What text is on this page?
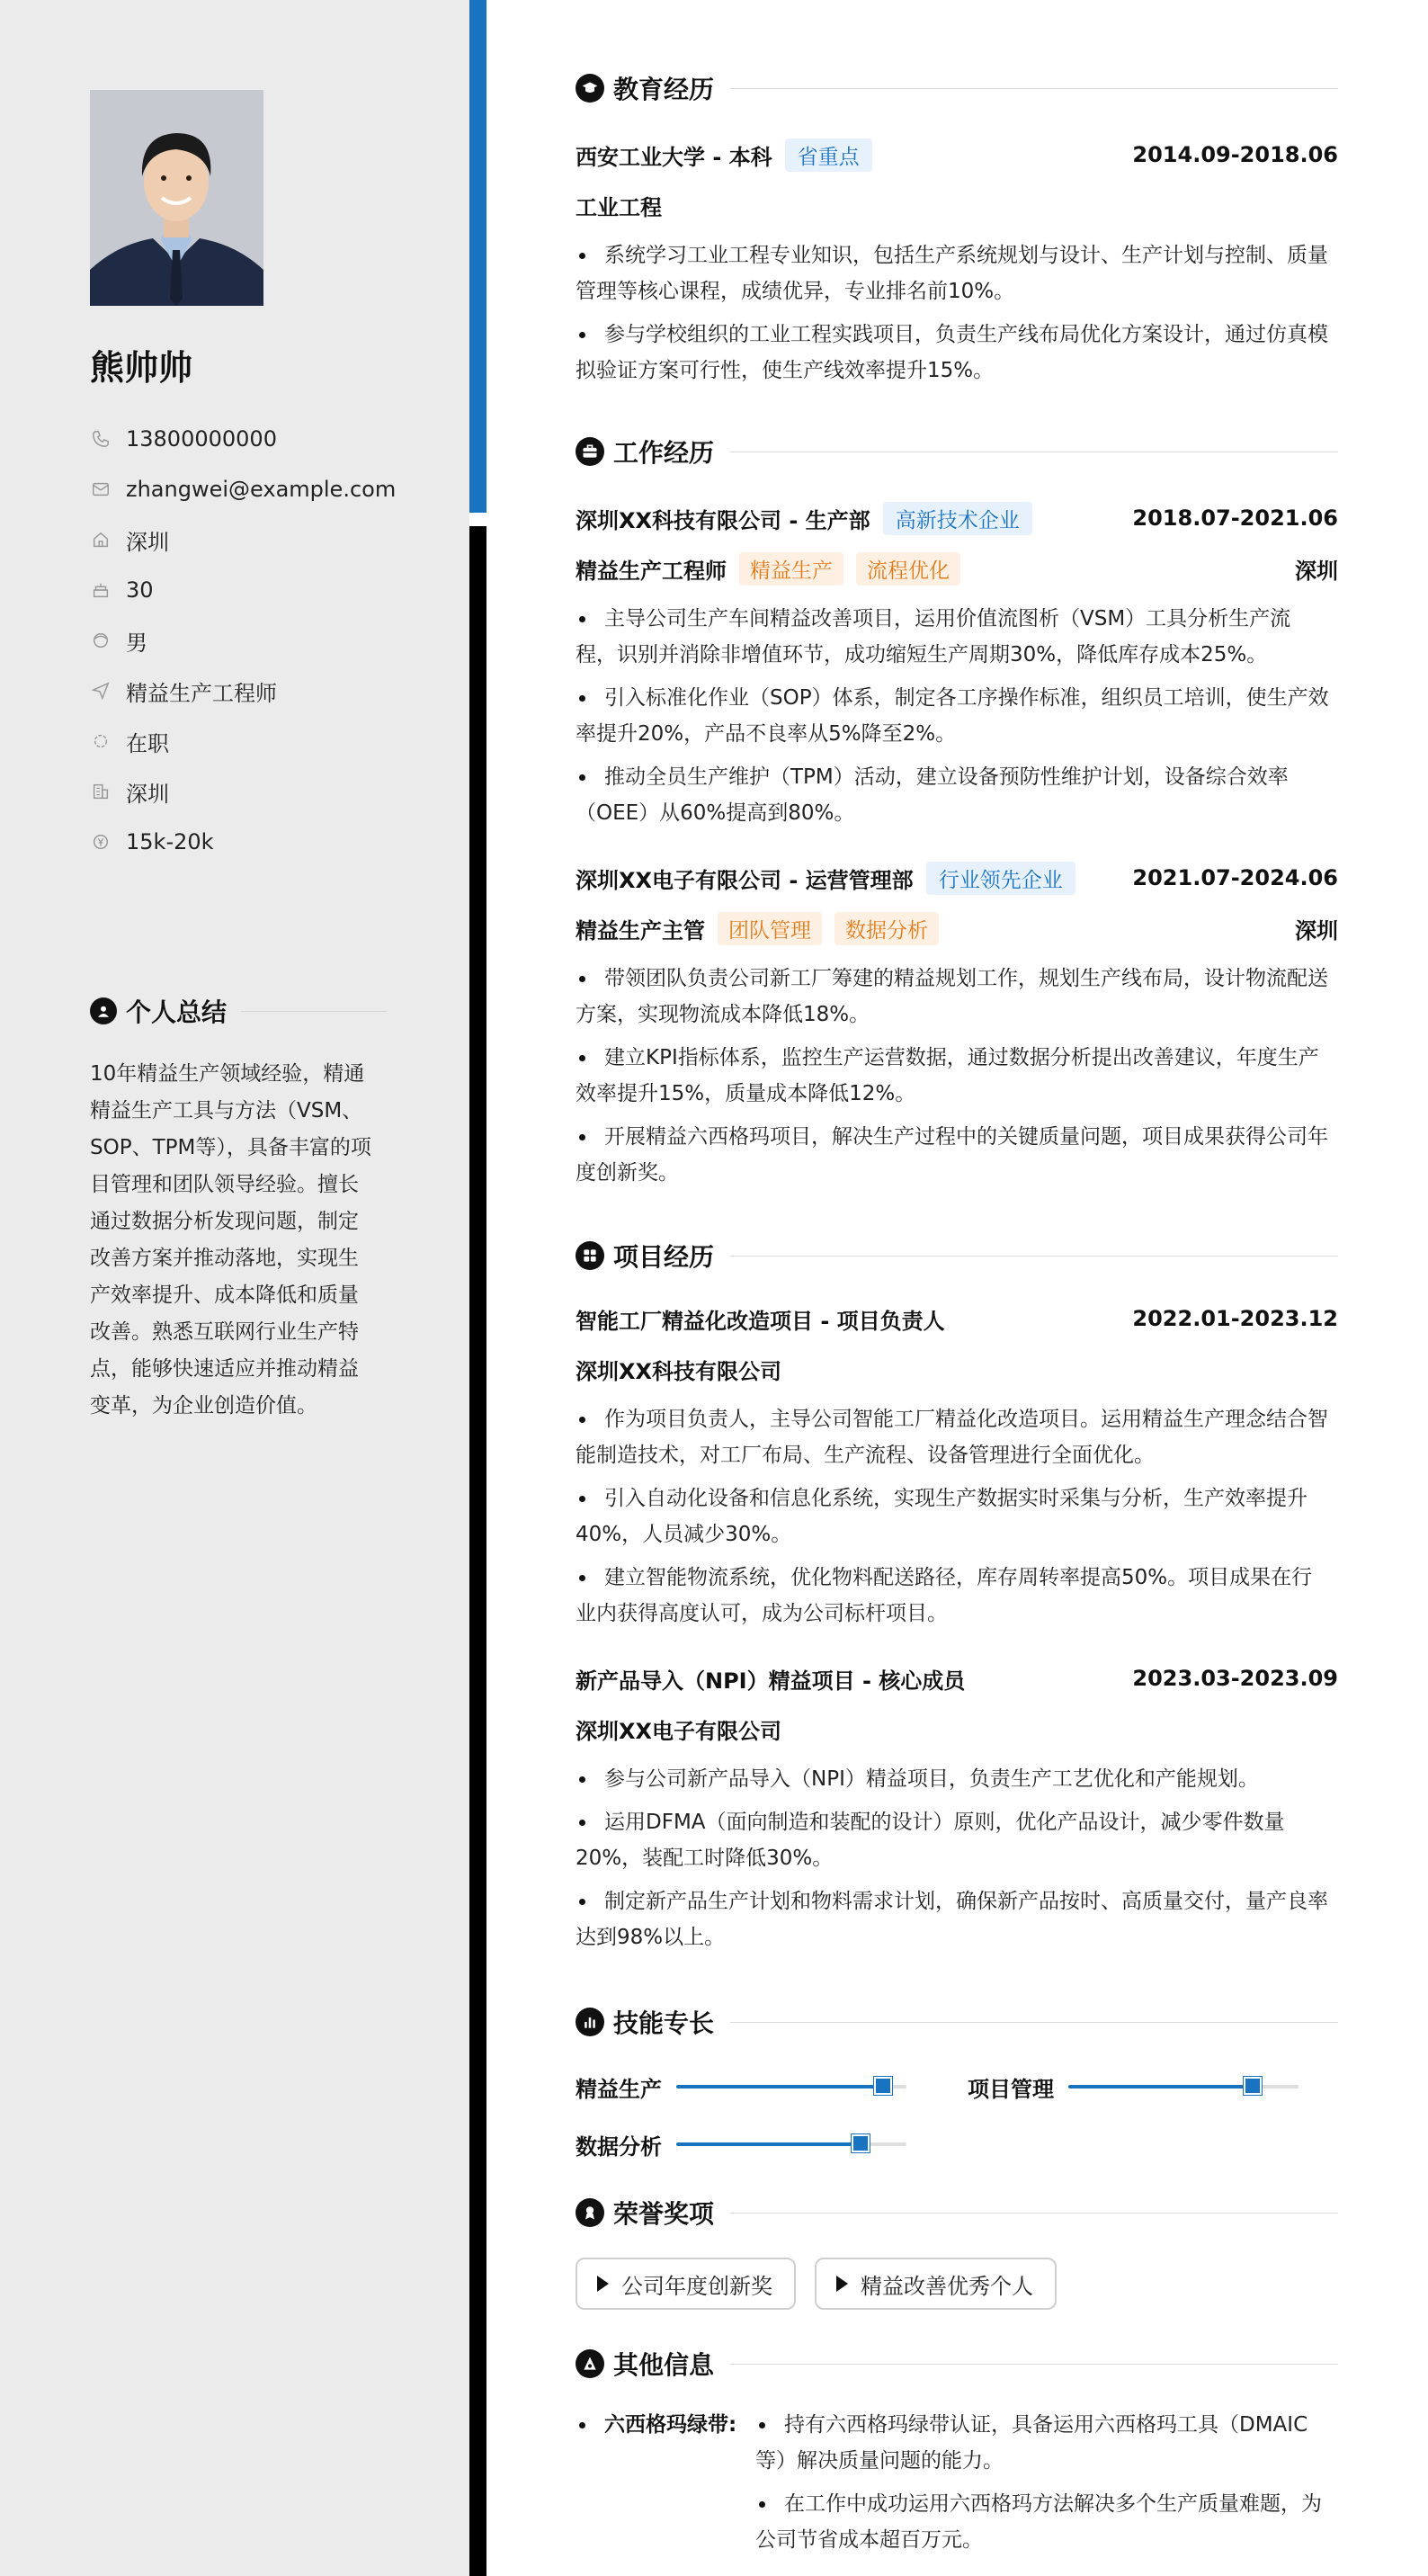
熊帅帅
13800000000
zhangwei@example.com
深圳
30
男
精益生产工程师
在职
深圳
15k-20k
个人总结
10年精益生产领域经验，精通精益生产工具与方法（VSM、SOP、TPM等），具备丰富的项目管理和团队领导经验。擅长通过数据分析发现问题，制定改善方案并推动落地，实现生产效率提升、成本降低和质量改善。熟悉互联网行业生产特点，能够快速适应并推动精益变革，为企业创造价值。
教育经历
西安工业大学 - 本科	省重点	2014.09-2018.06
工业工程
系统学习工业工程专业知识，包括生产系统规划与设计、生产计划与控制、质量管理等核心课程，成绩优异，专业排名前10%。
参与学校组织的工业工程实践项目，负责生产线布局优化方案设计，通过仿真模拟验证方案可行性，使生产线效率提升15%。
工作经历
深圳XX科技有限公司 - 生产部	高新技术企业	2018.07-2021.06
精益生产工程师	精益生产	流程优化	深圳
主导公司生产车间精益改善项目，运用价值流图析（VSM）工具分析生产流程，识别并消除非增值环节，成功缩短生产周期30%，降低库存成本25%。
引入标准化作业（SOP）体系，制定各工序操作标准，组织员工培训，使生产效率提升20%，产品不良率从5%降至2%。
推动全员生产维护（TPM）活动，建立设备预防性维护计划，设备综合效率（OEE）从60%提高到80%。
深圳XX电子有限公司 - 运营管理部	行业领先企业	2021.07-2024.06
精益生产主管	团队管理	数据分析	深圳
带领团队负责公司新工厂筹建的精益规划工作，规划生产线布局，设计物流配送方案，实现物流成本降低18%。
建立KPI指标体系，监控生产运营数据，通过数据分析提出改善建议，年度生产效率提升15%，质量成本降低12%。
开展精益六西格玛项目，解决生产过程中的关键质量问题，项目成果获得公司年度创新奖。
项目经历
智能工厂精益化改造项目 - 项目负责人	2022.01-2023.12
深圳XX科技有限公司
作为项目负责人，主导公司智能工厂精益化改造项目。运用精益生产理念结合智能制造技术，对工厂布局、生产流程、设备管理进行全面优化。
引入自动化设备和信息化系统，实现生产数据实时采集与分析，生产效率提升40%，人员减少30%。
建立智能物流系统，优化物料配送路径，库存周转率提高50%。项目成果在行业内获得高度认可，成为公司标杆项目。
新产品导入（NPI）精益项目 - 核心成员	2023.03-2023.09
深圳XX电子有限公司
参与公司新产品导入（NPI）精益项目，负责生产工艺优化和产能规划。
运用DFMA（面向制造和装配的设计）原则，优化产品设计，减少零件数量20%，装配工时降低30%。
制定新产品生产计划和物料需求计划，确保新产品按时、高质量交付，量产良率达到98%以上。
技能专长
精益生产	项目管理
数据分析
荣誉奖项
公司年度创新奖	精益改善优秀个人
其他信息
六西格玛绿带:	持有六西格玛绿带认证，具备运用六西格玛工具（DMAIC等）解决质量问题的能力。
在工作中成功运用六西格玛方法解决多个生产质量难题，为公司节省成本超百万元。
